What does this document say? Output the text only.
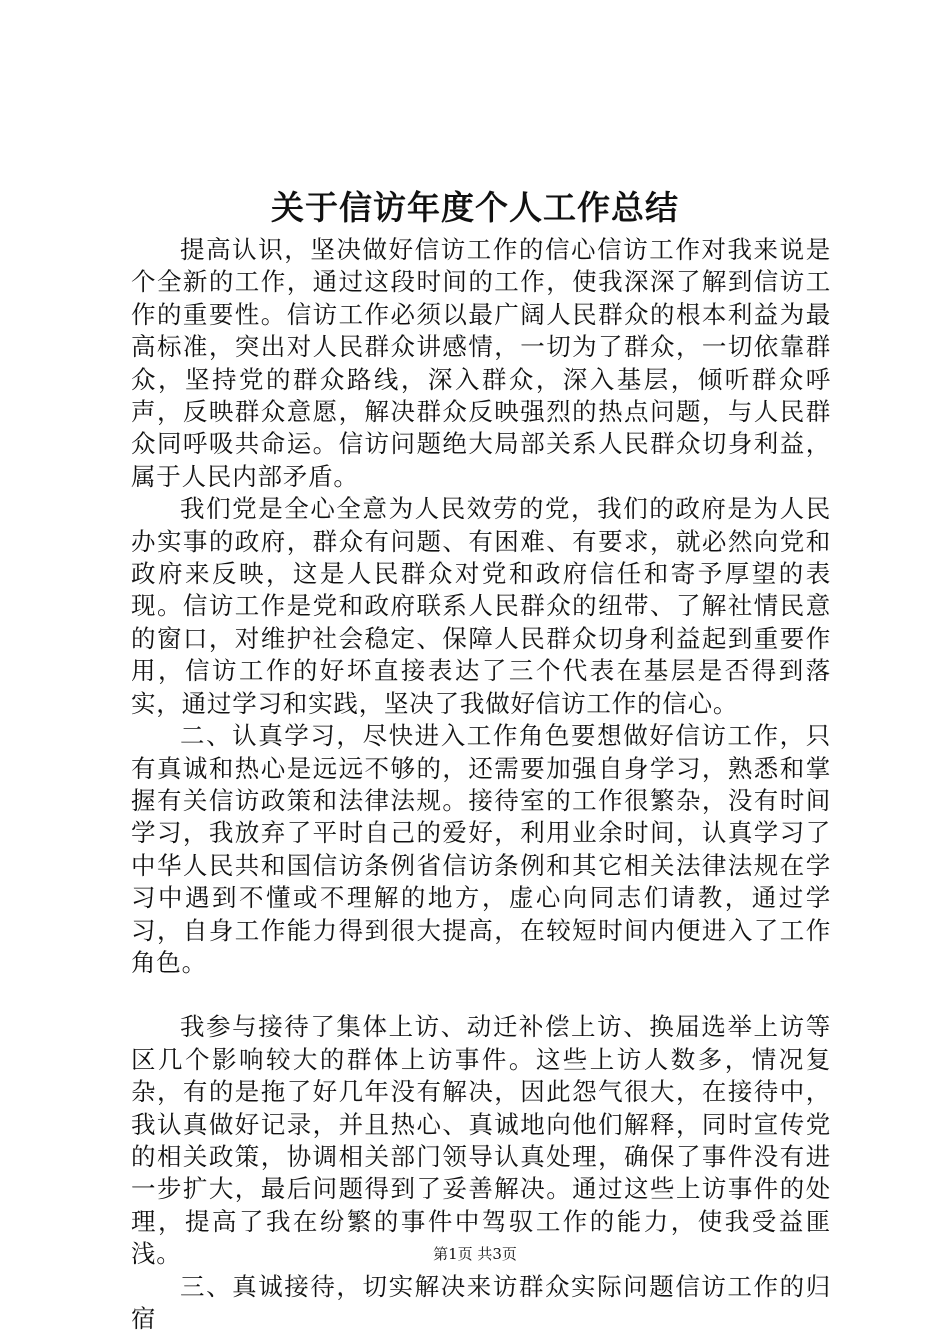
关于信访年度个人工作总结

提高认识，坚决做好信访工作的信心信访工作对我来说是个全新的工作，通过这段时间的工作，使我深深了解到信访工作的重要性。信访工作必须以最广阔人民群众的根本利益为最高标准，突出对人民群众讲感情，一切为了群众，一切依靠群众，坚持党的群众路线，深入群众，深入基层，倾听群众呼声，反映群众意愿，解决群众反映强烈的热点问题，与人民群众同呼吸共命运。信访问题绝大局部关系人民群众切身利益，属于人民内部矛盾。

我们党是全心全意为人民效劳的党，我们的政府是为人民办实事的政府，群众有问题、有困难、有要求，就必然向党和政府来反映，这是人民群众对党和政府信任和寄予厚望的表现。信访工作是党和政府联系人民群众的纽带、了解社情民意的窗口，对维护社会稳定、保障人民群众切身利益起到重要作用，信访工作的好坏直接表达了三个代表在基层是否得到落实，通过学习和实践，坚决了我做好信访工作的信心。

二、认真学习，尽快进入工作角色要想做好信访工作，只有真诚和热心是远远不够的，还需要加强自身学习，熟悉和掌握有关信访政策和法律法规。接待室的工作很繁杂，没有时间学习，我放弃了平时自己的爱好，利用业余时间，认真学习了中华人民共和国信访条例省信访条例和其它相关法律法规在学习中遇到不懂或不理解的地方，虚心向同志们请教，通过学习，自身工作能力得到很大提高，在较短时间内便进入了工作角色。

我参与接待了集体上访、动迁补偿上访、换届选举上访等区几个影响较大的群体上访事件。这些上访人数多，情况复杂，有的是拖了好几年没有解决，因此怨气很大，在接待中，我认真做好记录，并且热心、真诚地向他们解释，同时宣传党的相关政策，协调相关部门领导认真处理，确保了事件没有进一步扩大，最后问题得到了妥善解决。通过这些上访事件的处理，提高了我在纷繁的事件中驾驭工作的能力，使我受益匪浅。

三、真诚接待，切实解决来访群众实际问题信访工作的归宿

第1页 共3页
